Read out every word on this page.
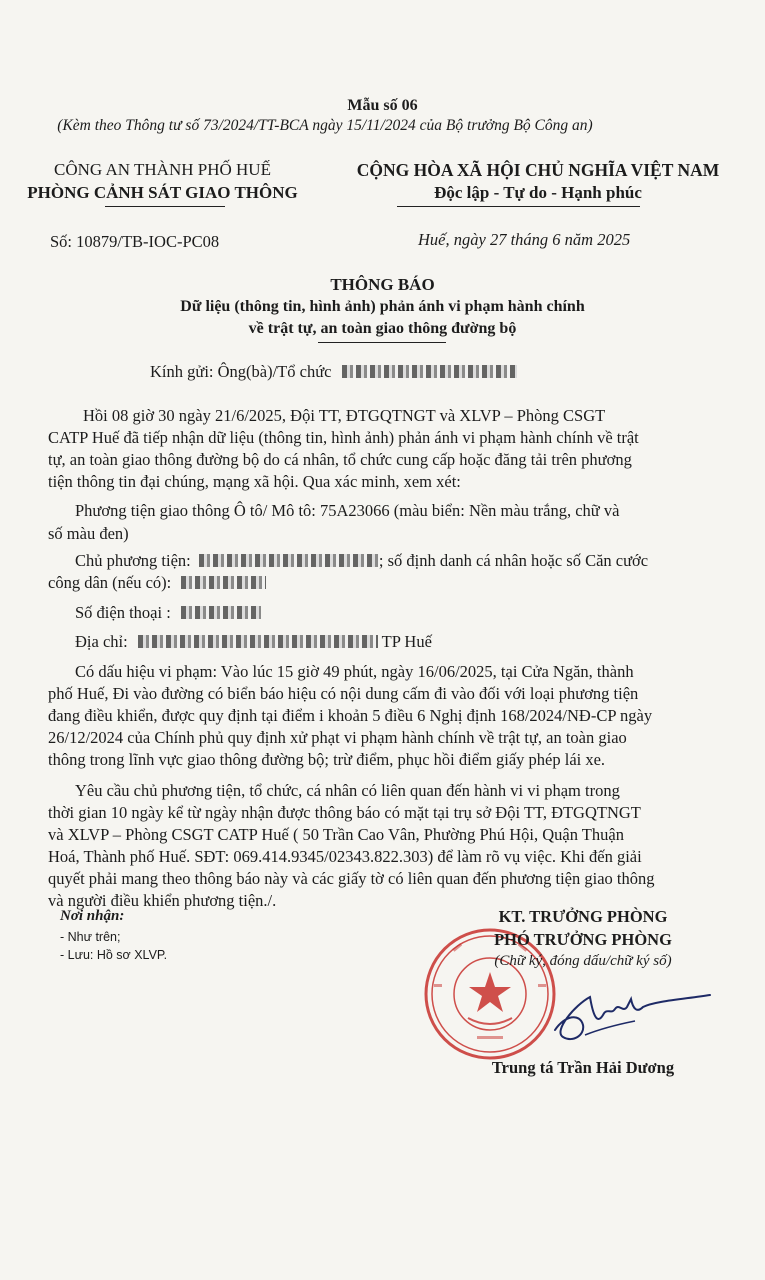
Mẫu số 06
(Kèm theo Thông tư số 73/2024/TT-BCA ngày 15/11/2024 của Bộ trưởng Bộ Công an)
CÔNG AN THÀNH PHỐ HUẾ
PHÒNG CẢNH SÁT GIAO THÔNG
CỘNG HÒA XÃ HỘI CHỦ NGHĨA VIỆT NAM
Độc lập - Tự do - Hạnh phúc
Số: 10879/TB-IOC-PC08	Huế, ngày 27 tháng 6 năm 2025
THÔNG BÁO
Dữ liệu (thông tin, hình ảnh) phản ánh vi phạm hành chính
về trật tự, an toàn giao thông đường bộ
Kính gửi: Ông(bà)/Tổ chức
Hồi 08 giờ 30 ngày 21/6/2025, Đội TT, ĐTGQTNGT và XLVP – Phòng CSGT
CATP Huế đã tiếp nhận dữ liệu (thông tin, hình ảnh) phản ánh vi phạm hành chính về trật
tự, an toàn giao thông đường bộ do cá nhân, tổ chức cung cấp hoặc đăng tải trên phương
tiện thông tin đại chúng, mạng xã hội. Qua xác minh, xem xét:
Phương tiện giao thông Ô tô/ Mô tô: 75A23066 (màu biển: Nền màu trắng, chữ và
số màu đen)
Chủ phương tiện:	; số định danh cá nhân hoặc số Căn cước
công dân (nếu có):
Số điện thoại :
Địa chỉ:	TP Huế
Có dấu hiệu vi phạm: Vào lúc 15 giờ 49 phút, ngày 16/06/2025, tại Cửa Ngăn, thành
phố Huế, Đi vào đường có biển báo hiệu có nội dung cấm đi vào đối với loại phương tiện
đang điều khiển, được quy định tại điểm i khoản 5 điều 6 Nghị định 168/2024/NĐ-CP ngày
26/12/2024 của Chính phủ quy định xử phạt vi phạm hành chính về trật tự, an toàn giao
thông trong lĩnh vực giao thông đường bộ; trừ điểm, phục hồi điểm giấy phép lái xe.
Yêu cầu chủ phương tiện, tổ chức, cá nhân có liên quan đến hành vi vi phạm trong
thời gian 10 ngày kể từ ngày nhận được thông báo có mặt tại trụ sở Đội TT, ĐTGQTNGT
và XLVP – Phòng CSGT CATP Huế ( 50 Trần Cao Vân, Phường Phú Hội, Quận Thuận
Hoá, Thành phố Huế. SĐT: 069.414.9345/02343.822.303) để làm rõ vụ việc. Khi đến giải
quyết phải mang theo thông báo này và các giấy tờ có liên quan đến phương tiện giao thông
và người điều khiển phương tiện./.
Nơi nhận:
- Như trên;
- Lưu: Hồ sơ XLVP.
KT. TRƯỞNG PHÒNG
PHÓ TRƯỞNG PHÒNG
(Chữ ký, đóng dấu/chữ ký số)
Trung tá Trần Hải Dương
